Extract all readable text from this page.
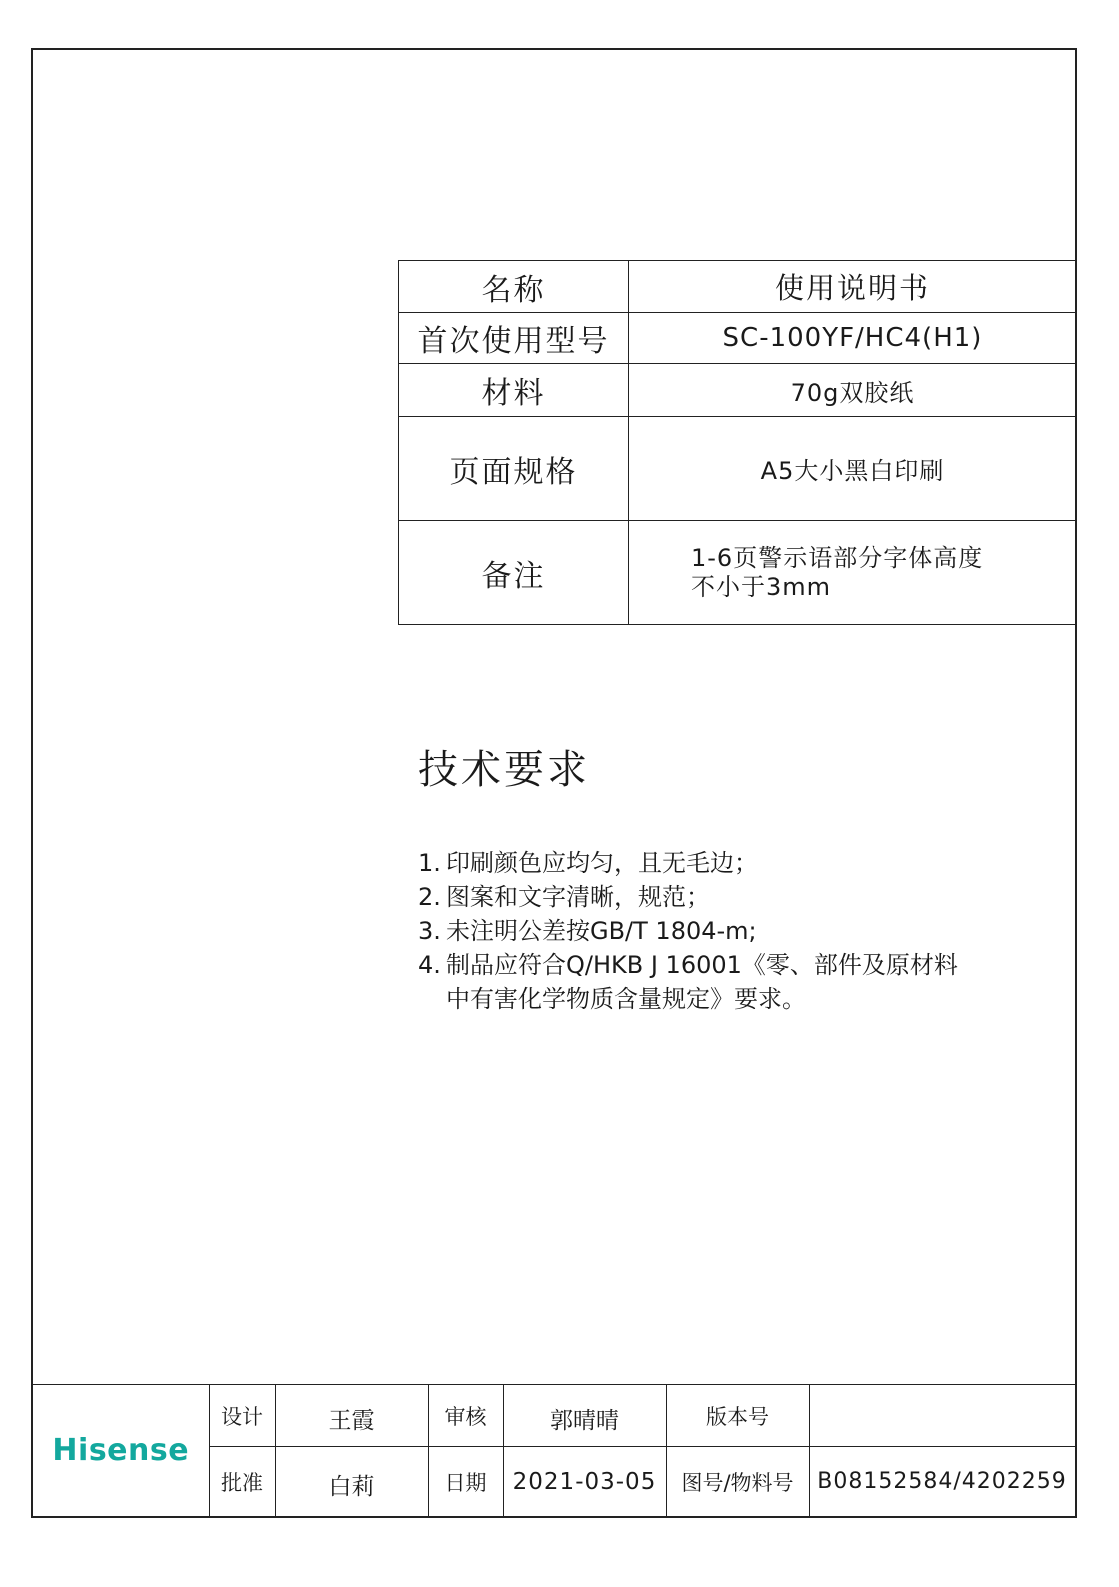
名称	使用说明书
首次使用型号	SC-100YF/HC4(H1)
材料	70g双胶纸
页面规格	A5大小黑白印刷
备注	1-6页警示语部分字体高度
不小于3mm
技术要求
1. 印刷颜色应均匀，且无毛边；
2. 图案和文字清晰，规范；
3. 未注明公差按GB/T 1804-m;
4. 制品应符合Q/HKB J 16001《零、部件及原材料
中有害化学物质含量规定》要求。
Hisense	设计	王霞	审核	郭晴晴	版本号	
	批准	白莉	日期	2021-03-05	图号/物料号	B08152584/4202259
